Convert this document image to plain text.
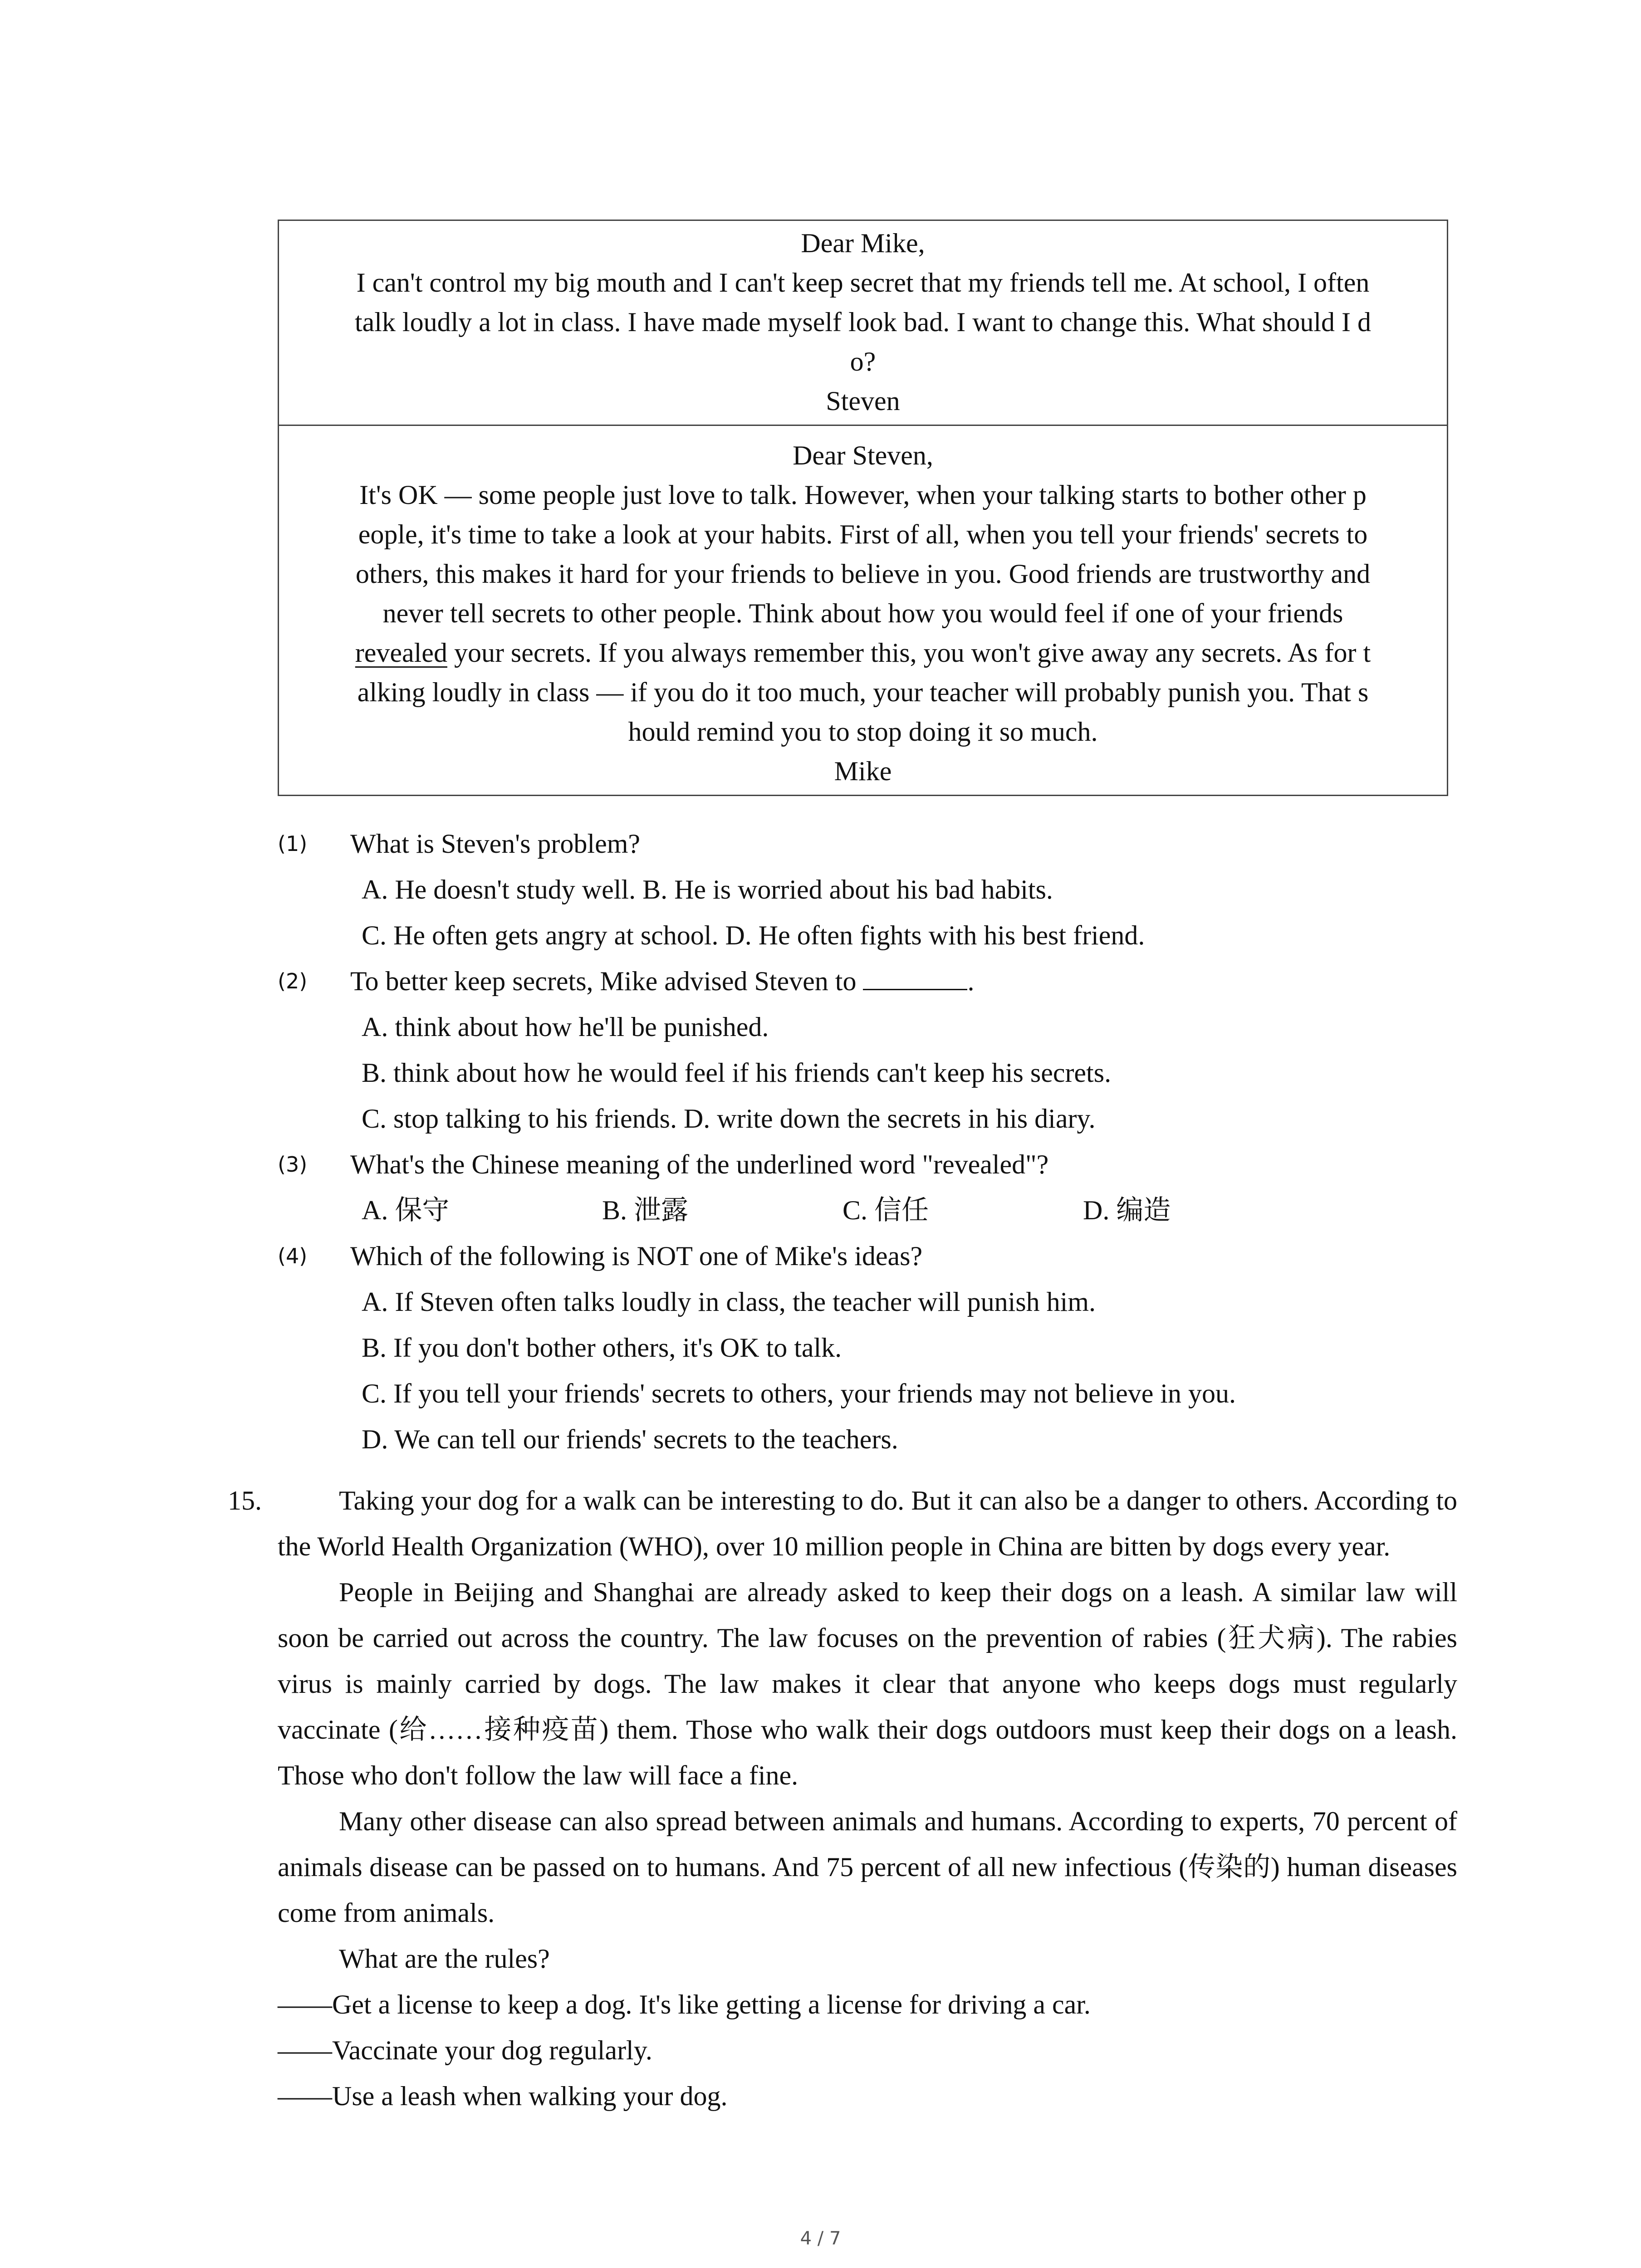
Dear Mike,
I can't control my big mouth and I can't keep secret that my friends tell me. At school, I often
talk loudly a lot in class. I have made myself look bad. I want to change this. What should I d
o?
Steven
Dear Steven,
It's OK — some people just love to talk. However, when your talking starts to bother other p
eople, it's time to take a look at your habits. First of all, when you tell your friends' secrets to
others, this makes it hard for your friends to believe in you. Good friends are trustworthy and
never tell secrets to other people. Think about how you would feel if one of your friends
revealed your secrets. If you always remember this, you won't give away any secrets. As for t
alking loudly in class — if you do it too much, your teacher will probably punish you. That s
hould remind you to stop doing it so much.
Mike
(1) What is Steven's problem?
A. He doesn't study well. B. He is worried about his bad habits.
C. He often gets angry at school. D. He often fights with his best friend.
(2) To better keep secrets, Mike advised Steven to	.
A. think about how he'll be punished.
B. think about how he would feel if his friends can't keep his secrets.
C. stop talking to his friends. D. write down the secrets in his diary.
(3) What's the Chinese meaning of the underlined word "revealed"?
A. 保守	B. 泄露	C. 信任	D. 编造
(4) Which of the following is NOT one of Mike's ideas?
A. If Steven often talks loudly in class, the teacher will punish him.
B. If you don't bother others, it's OK to talk.
C. If you tell your friends' secrets to others, your friends may not believe in you.
D. We can tell our friends' secrets to the teachers.
15.	Taking your dog for a walk can be interesting to do. But it can also be a danger to others. According to the World Health Organization (WHO), over 10 million people in China are bitten by dogs every year.
People in Beijing and Shanghai are already asked to keep their dogs on a leash. A similar law will soon be carried out across the country. The law focuses on the prevention of rabies (狂犬病). The rabies virus is mainly carried by dogs. The law makes it clear that anyone who keeps dogs must regularly vaccinate (给……接种疫苗) them. Those who walk their dogs outdoors must keep their dogs on a leash. Those who don't follow the law will face a fine.
Many other disease can also spread between animals and humans. According to experts, 70 percent of animals disease can be passed on to humans. And 75 percent of all new infectious (传染的) human diseases come from animals.
What are the rules?
——Get a license to keep a dog. It's like getting a license for driving a car.
——Vaccinate your dog regularly.
——Use a leash when walking your dog.
4 / 7
